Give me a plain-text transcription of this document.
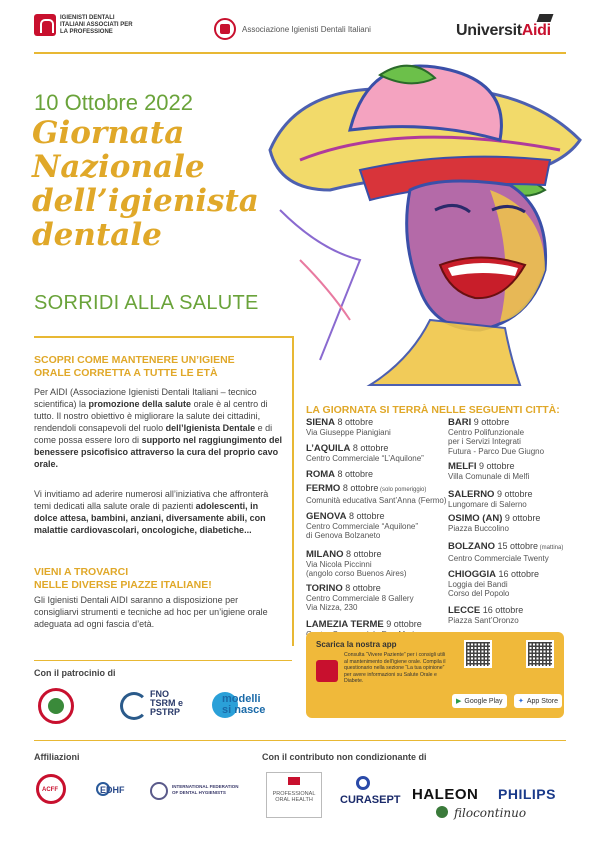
IGIENISTI DENTALI ITALIANI ASSOCIATI PER LA PROFESSIONE	Associazione Igienisti Dentali Italiani	UniversitAidi
10 Ottobre 2022
Giornata
Nazionale
dell’igienista
dentale
SORRIDI ALLA SALUTE
SCOPRI COME MANTENERE UN’IGIENE ORALE CORRETTA A TUTTE LE ETÀ
Per AIDI (Associazione Igienisti Dentali Italiani – tecnico scientifica) la promozione della salute orale è al centro di tutto. Il nostro obiettivo è migliorare la salute dei cittadini, rendendoli consapevoli del ruolo dell’Igienista Dentale e di come possa essere loro di supporto nel raggiungimento del benessere psicofisico attraverso la cura del proprio cavo orale.
Vi invitiamo ad aderire numerosi all’iniziativa che affronterà temi dedicati alla salute orale di pazienti adolescenti, in dolce attesa, bambini, anziani, diversamente abili, con malattie cardiovascolari, oncologiche, diabetiche...
VIENI A TROVARCI
NELLE DIVERSE PIAZZE ITALIANE!
Gli Igienisti Dentali AIDI saranno a disposizione per consigliarvi strumenti e tecniche ad hoc per un’igiene orale adeguata ad ogni fascia d’età.
LA GIORNATA SI TERRÀ NELLE SEGUENTI CITTÀ:
SIENA 8 ottobre
Via Giuseppe Pianigiani
L’AQUILA 8 ottobre
Centro Commerciale “L’Aquilone”
ROMA 8 ottobre
FERMO 8 ottobre (solo pomeriggio)
Comunità educativa Sant’Anna (Fermo)
GENOVA 8 ottobre
Centro Commerciale “Aquilone”
di Genova Bolzaneto
MILANO 8 ottobre
Via Nicola Piccinni
(angolo corso Buenos Aires)
TORINO 8 ottobre
Centro Commerciale 8 Gallery
Via Nizza, 230
LAMEZIA TERME 9 ottobre
BARI 9 ottobre
Centro Polifunzionale
per i Servizi Integrati
Futura - Parco Due Giugno
MELFI 9 ottobre
Villa Comunale di Melfi
SALERNO 9 ottobre
Lungomare di Salerno
OSIMO (AN) 9 ottobre
Piazza Buccolino
BOLZANO 15 ottobre (mattina)
Centro Commerciale Twenty
CHIOGGIA 16 ottobre
Loggia dei Bandi
Corso del Popolo
LECCE 16 ottobre
Piazza Sant’Oronzo
Con il patrocinio di
FNO
TSRM e
PSTRP
modelli
si nasce
Scarica la nostra app
Consulta “Vivere Paziente” per i consigli utili al mantenimento dell’igiene orale. Compila il questionario nella sezione “La tua opinione” per avere informazioni su Salute Orale e Diabete.
▶ Google Play ✦ App Store
Affiliazioni
ACFF	EDHF	INTERNATIONAL FEDERATION OF DENTAL HYGIENISTS
Con il contributo non condizionante di
PROFESSIONAL
ORAL HEALTH	CURASEPT HALEON PHILIPS
filocontinuo
